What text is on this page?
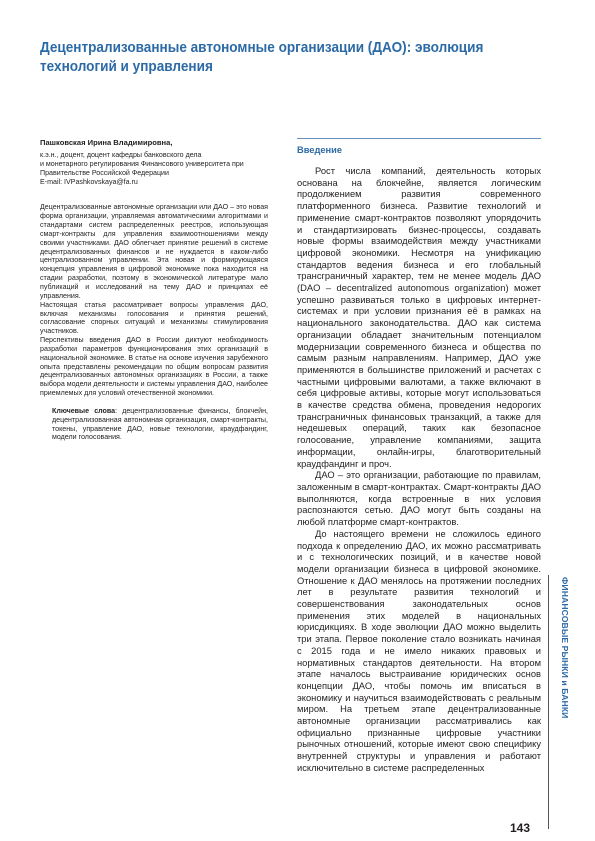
Децентрализованные автономные организации (ДАО): эволюция технологий и управления

Пашковская Ирина Владимировна,

к.э.н., доцент, доцент кафедры банковского дела

и монетарного регулирования Финансового университета при

Правительстве Российской Федерации

E-mail: IVPashkovskaya@fa.ru

Децентрализованные автономные организации или ДАО – это новая форма организации, управляемая автоматическими алгоритмами и стандартами систем распределенных реестров, использующая смарт-контракты для управления взаимоотношениями между своими участниками. ДАО облегчает принятие решений в системе децентрализованных финансов и не нуждается в каком-либо централизованном управлении. Эта новая и формирующаяся концепция управления в цифровой экономике пока находится на стадии разработки, поэтому в экономической литературе мало публикаций и исследований на тему ДАО и принципах её управления.

Настоящая статья рассматривает вопросы управления ДАО, включая механизмы голосования и принятия решений, согласование спорных ситуаций и механизмы стимулирования участников.

Перспективы введения ДАО в России диктуют необходимость разработки параметров функционирования этих организаций в национальной экономике. В статье на основе изучения зарубежного опыта представлены рекомендации по общим вопросам развития децентрализованных автономных организациях в России, а также выбора модели деятельности и системы управления ДАО, наиболее приемлемых для условий отечественной экономики.

Ключевые слова: децентрализованные финансы, блокчейн, децентрализованная автономная организация, смарт-контракты, токены, управление ДАО, новые технологии, краудфандинг, модели голосования.

Введение

Рост числа компаний, деятельность которых основана на блокчейне, является логическим продолжением развития современного платформенного бизнеса. Развитие технологий и применение смарт-контрактов позволяют упорядочить и стандартизировать бизнес-процессы, создавать новые формы взаимодействия между участниками цифровой экономики. Несмотря на унификацию стандартов ведения бизнеса и его глобальный трансграничный характер, тем не менее модель ДАО (DAO – decentralized autonomous organization) может успешно развиваться только в цифровых интернет-системах и при условии признания её в рамках на национального законодательства. ДАО как система организации обладает значительным потенциалом модернизации современного бизнеса и общества по самым разным направлениям. Например, ДАО уже применяются в большинстве приложений и расчетах с частными цифровыми валютами, а также включают в себя цифровые активы, которые могут использоваться в качестве средства обмена, проведения недорогих трансграничных финансовых транзакций, а также для недешевых операций, таких как безопасное голосование, управление компаниями, защита информации, онлайн-игры, благотворительный краудфандинг и проч.

ДАО – это организации, работающие по правилам, заложенным в смарт-контрактах. Смарт-контракты ДАО выполняются, когда встроенные в них условия распознаются сетью. ДАО могут быть созданы на любой платформе смарт-контрактов.

До настоящего времени не сложилось единого подхода к определению ДАО, их можно рассматривать и с технологических позиций, и в качестве новой модели организации бизнеса в цифровой экономике. Отношение к ДАО менялось на протяжении последних лет в результате развития технологий и совершенствования законодательных основ применения этих моделей в национальных юрисдикциях. В ходе эволюции ДАО можно выделить три этапа. Первое поколение стало возникать начиная с 2015 года и не имело никаких правовых и нормативных стандартов деятельности. На втором этапе началось выстраивание юридических основ концепции ДАО, чтобы помочь им вписаться в экономику и научиться взаимодействовать с реальным миром. На третьем этапе децентрализованные автономные организации рассматривались как официально признанные цифровые участники рыночных отношений, которые имеют свою специфику внутренней структуры и управления и работают исключительно в системе распределенных

ФИНАНСОВЫЕ РЫНКИ и БАНКИ
143
